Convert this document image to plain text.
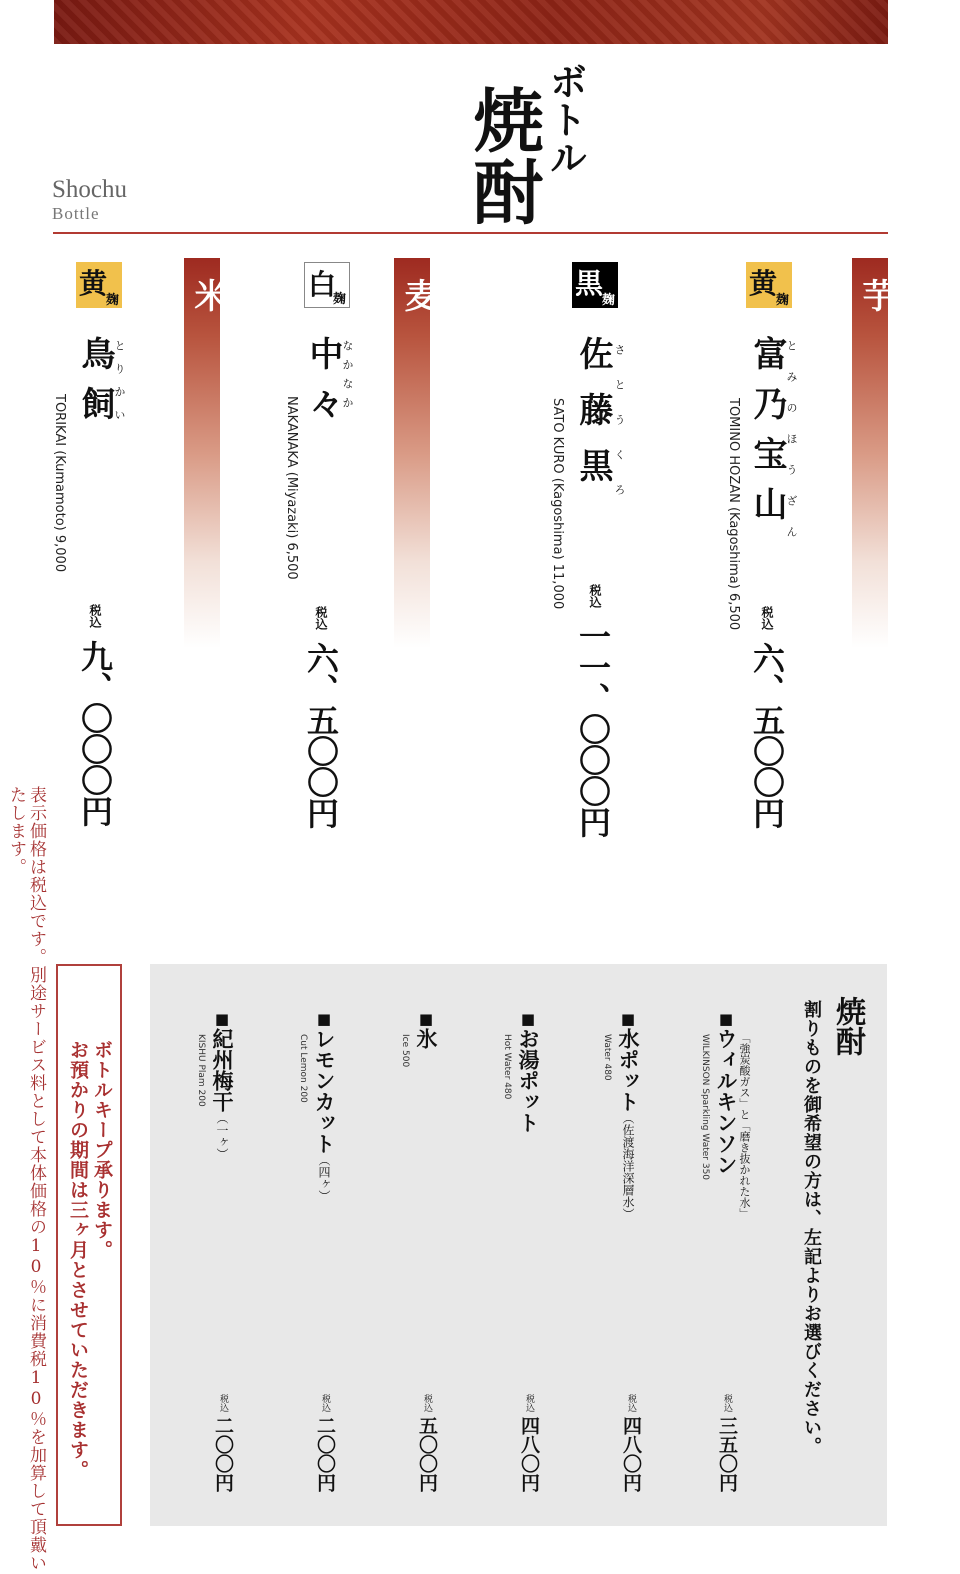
焼酎
ボトル
Shochu
Bottle
芋
麦
米	黄
麹
富乃宝山
とみのほうざん
TOMINO HOZAN (Kagoshima) 6,500 税込
六、五〇〇円
黒
麹
佐藤黒 さとうくろ
SATO KURO (Kagoshima) 11,000 税込
一一、〇〇〇円
白
麹
中々
なかなか
NAKANAKA (Miyazaki) 6,500
税込
六、五〇〇円
黄
麹
鳥飼
とりかい
TORIKAI (Kumamoto) 9,000
税込
九、〇〇〇円
表示価格は税込です。別途サービス料として本体価格の10％に消費税10％を加算して頂戴いたします。
ボトルキープ承ります。
お預かりの期間は三ヶ月とさせていただきます。
焼酎
割りものを御希望の方は、左記よりお選びください。
「強炭酸ガス」と「磨き抜かれた水」
■ウィルキンソン
WILKINSON Sparkling Water 350
税込
三五〇円
■水ポット（佐渡海洋深層水）
Water 480
税込
四八〇円
■お湯ポット
Hot Water 480
税込
四八〇円
■氷
Ice 500
税込
五〇〇円
■レモンカット（四ヶ）
Cut Lemon 200
税込
二〇〇円
■紀州梅干（一ヶ）
KISHU Plam 200
税込
二〇〇円
